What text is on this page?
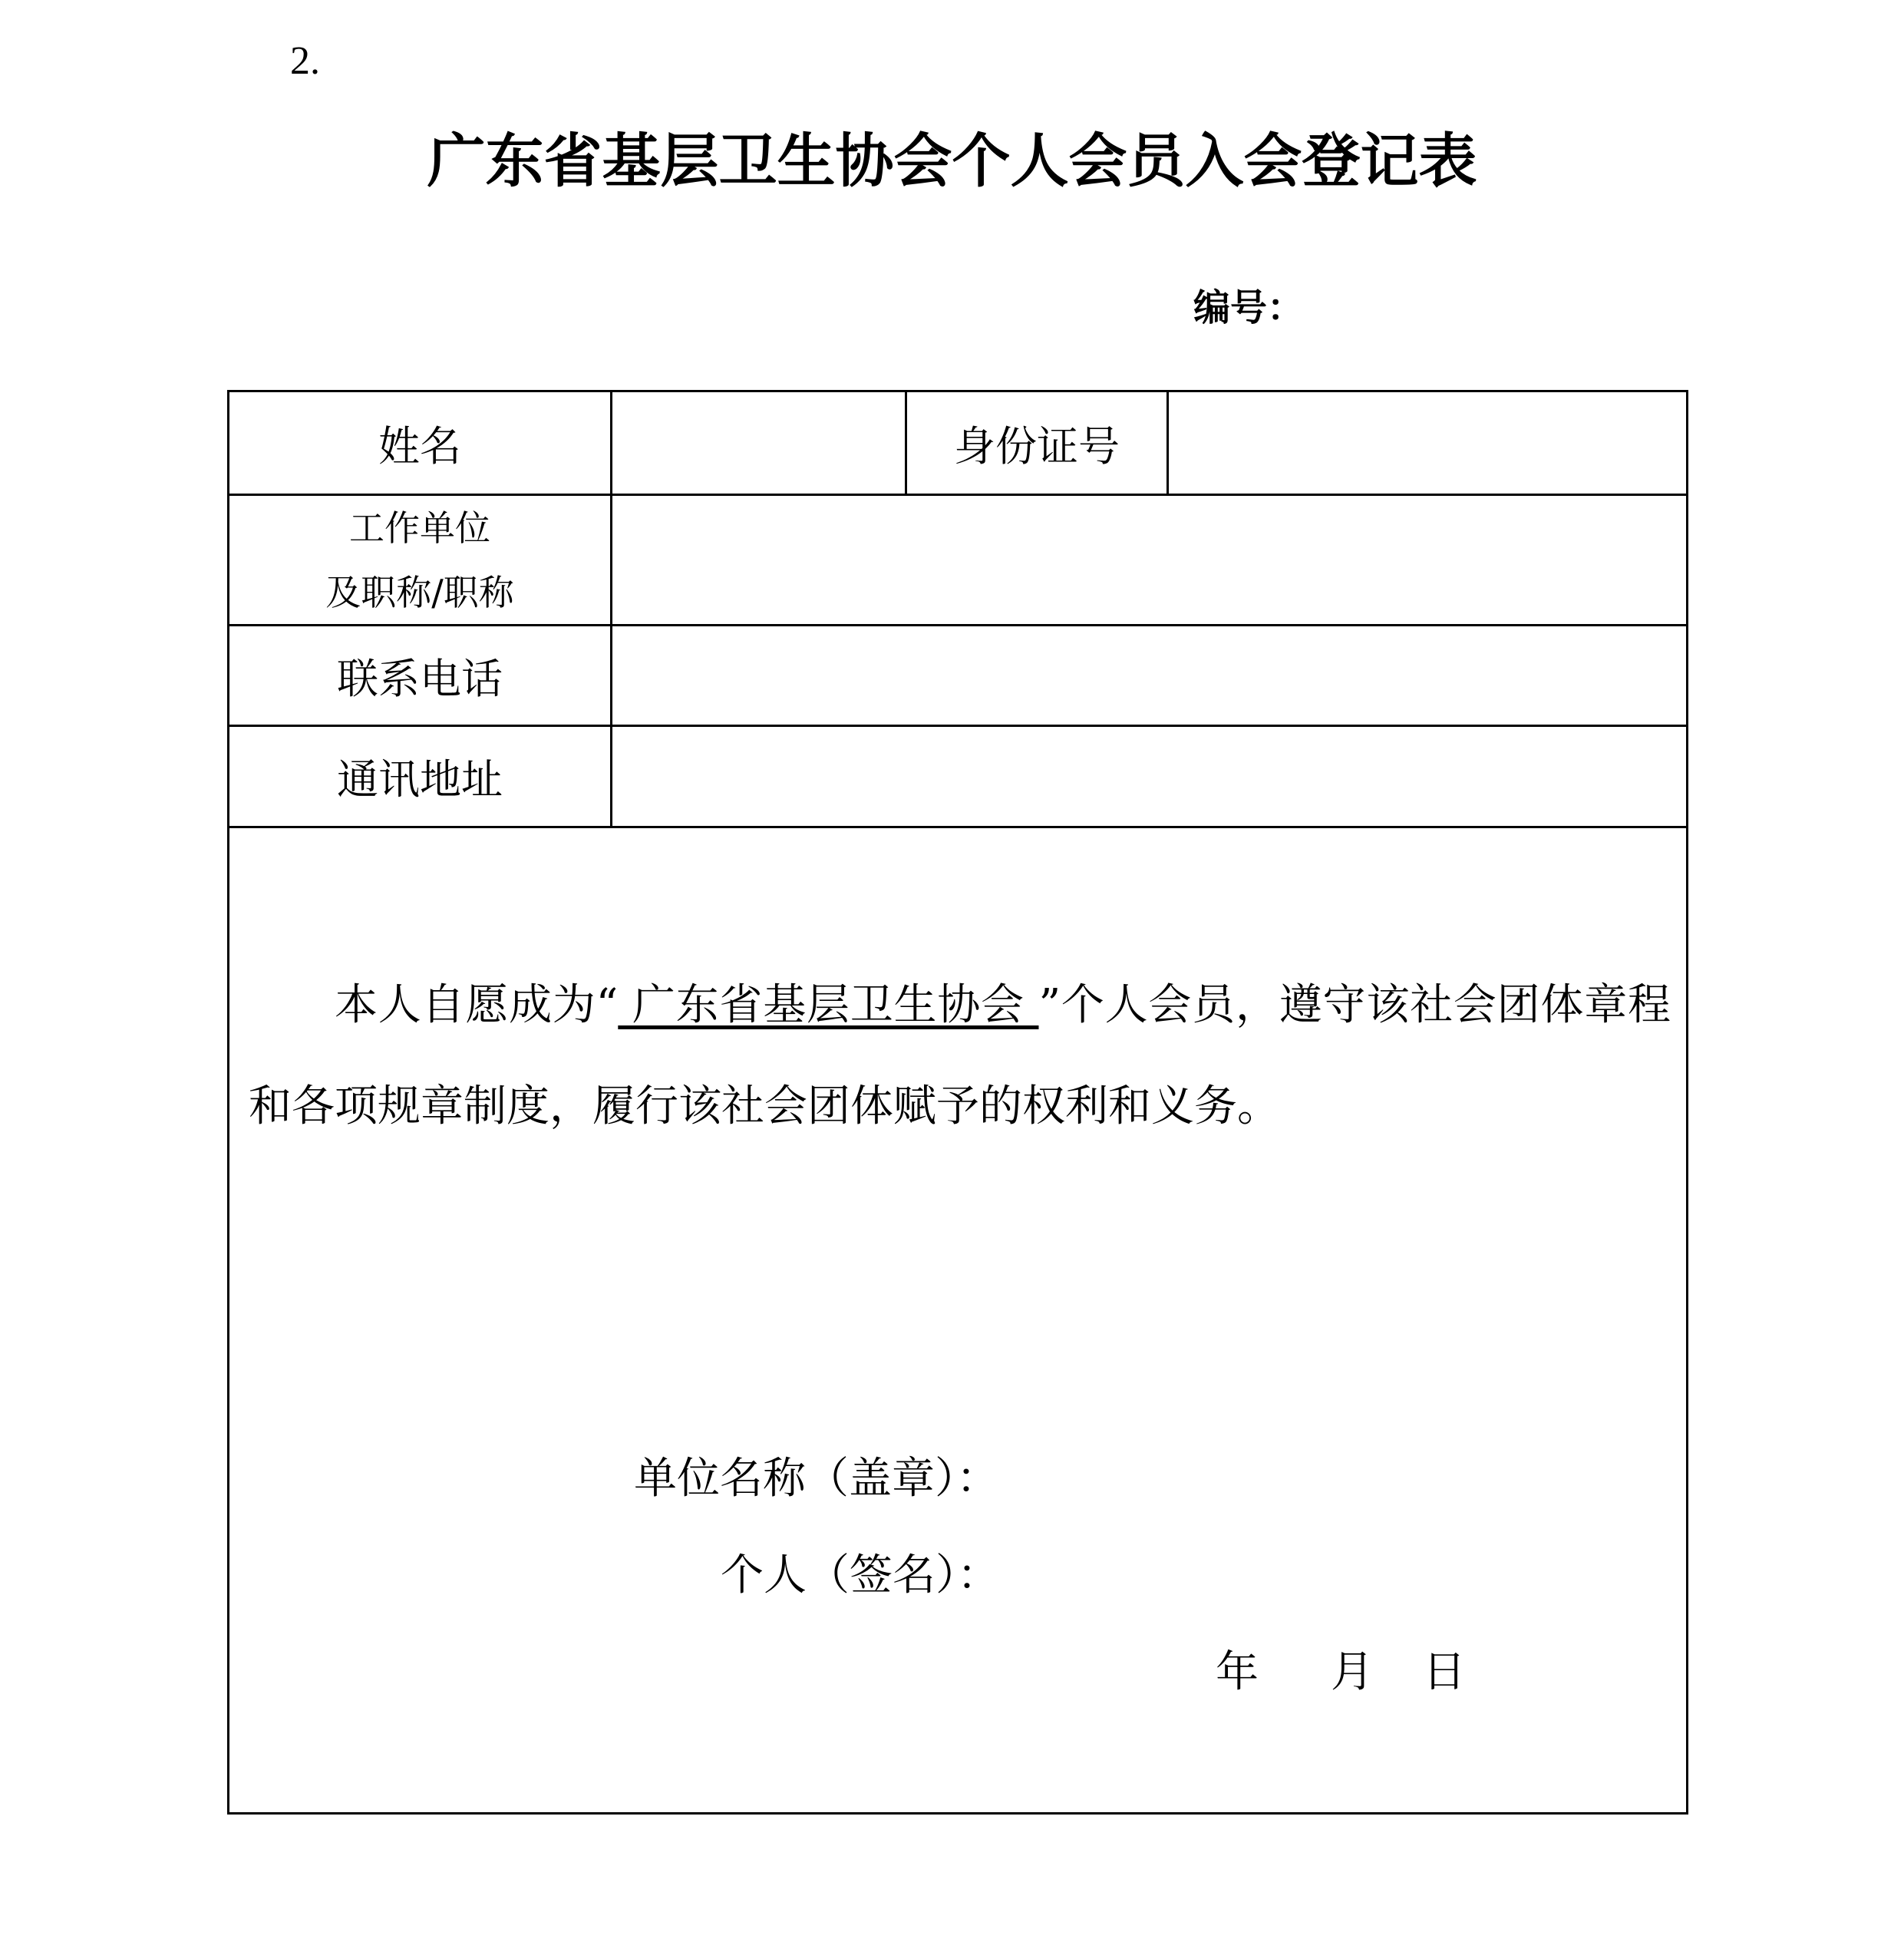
2.
广东省基层卫生协会个人会员入会登记表
编号：
姓名	身份证号
工作单位
及职称/职称
联系电话
通讯地址
本人自愿成为“ 广东省基层卫生协会 ”个人会员，遵守该社会团体章程和各项规章制度，履行该社会团体赋予的权利和义务。
单位名称（盖章）：
个人（签名）：
年 月 日
